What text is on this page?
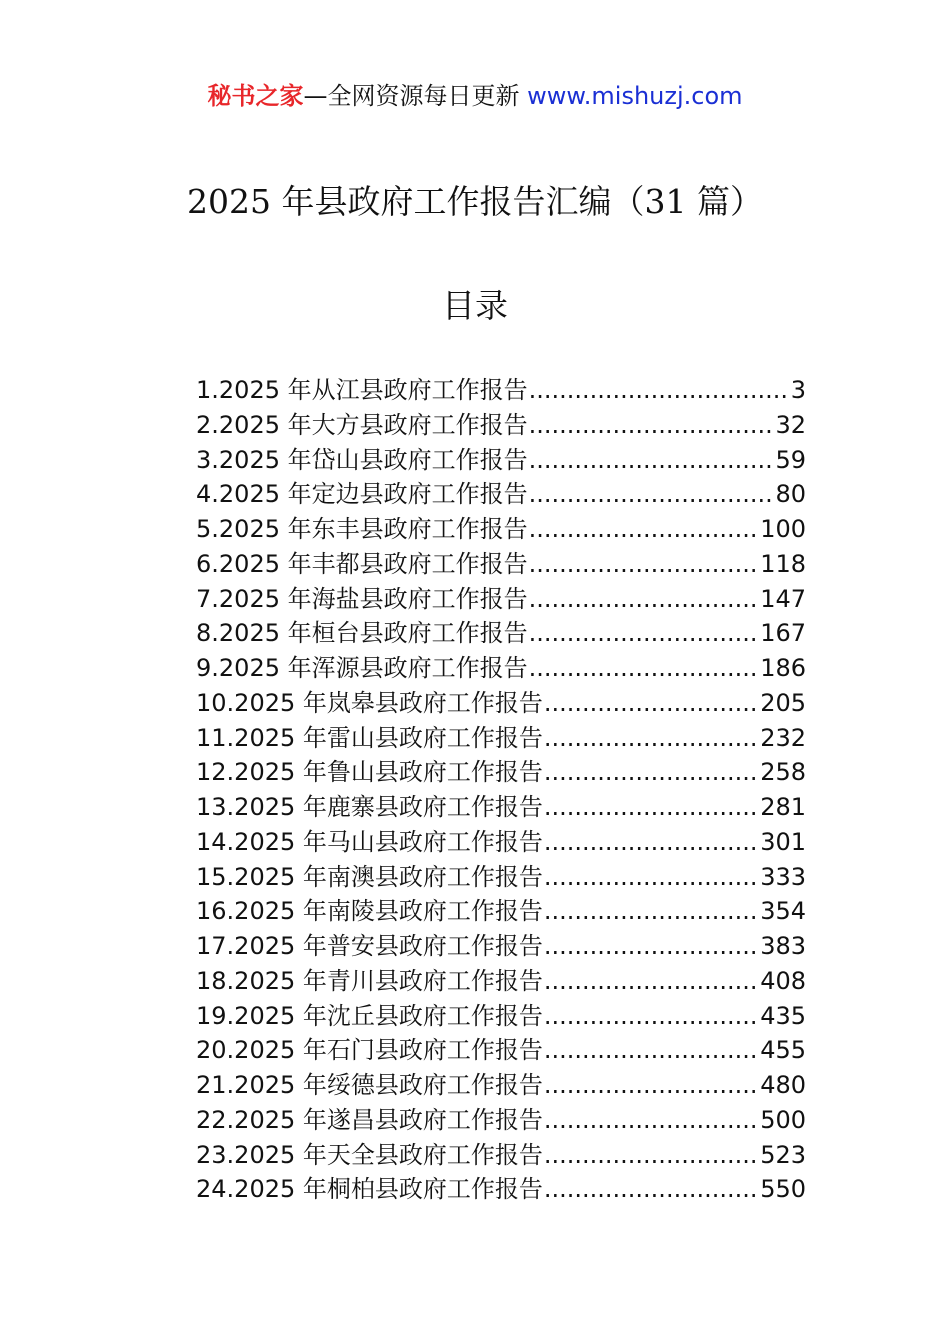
秘书之家—全网资源每日更新 www.mishuzj.com
2025 年县政府工作报告汇编（31 篇）
目录
1.2025 年从江县政府工作报告 .....	3
2.2025 年大方县政府工作报告 .....	32
3.2025 年岱山县政府工作报告 .....	59
4.2025 年定边县政府工作报告 .....	80
5.2025 年东丰县政府工作报告 .....	100
6.2025 年丰都县政府工作报告 .....	118
7.2025 年海盐县政府工作报告 .....	147
8.2025 年桓台县政府工作报告 .....	167
9.2025 年浑源县政府工作报告 .....	186
10.2025 年岚皋县政府工作报告 .....	205
11.2025 年雷山县政府工作报告 .....	232
12.2025 年鲁山县政府工作报告 .....	258
13.2025 年鹿寨县政府工作报告 .....	281
14.2025 年马山县政府工作报告 .....	301
15.2025 年南澳县政府工作报告 .....	333
16.2025 年南陵县政府工作报告 .....	354
17.2025 年普安县政府工作报告 .....	383
18.2025 年青川县政府工作报告 .....	408
19.2025 年沈丘县政府工作报告 .....	435
20.2025 年石门县政府工作报告 .....	455
21.2025 年绥德县政府工作报告 .....	480
22.2025 年遂昌县政府工作报告 .....	500
23.2025 年天全县政府工作报告 .....	523
24.2025 年桐柏县政府工作报告 .....	550
